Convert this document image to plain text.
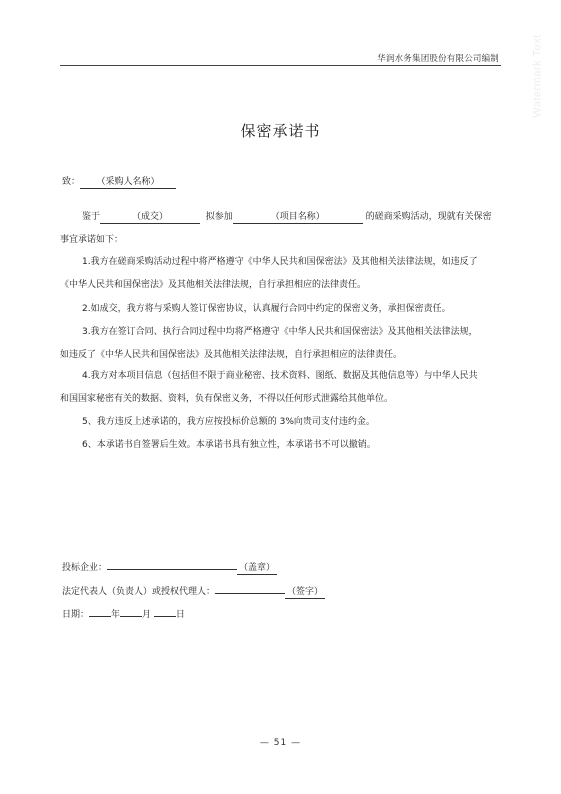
华润水务集团股份有限公司编制	Watermark Text
保密承诺书
致： （采购人名称）
鉴于	（成交）	拟参加	（项目名称）	的磋商采购活动，现就有关保密
事宜承诺如下：
1.我方在磋商采购活动过程中将严格遵守《中华人民共和国保密法》及其他相关法律法规，如违反了
《中华人民共和国保密法》及其他相关法律法规，自行承担相应的法律责任。
2.如成交，我方将与采购人签订保密协议，认真履行合同中约定的保密义务，承担保密责任。
3.我方在签订合同、执行合同过程中均将严格遵守《中华人民共和国保密法》及其他相关法律法规，
如违反了《中华人民共和国保密法》及其他相关法律法规，自行承担相应的法律责任。
4.我方对本项目信息（包括但不限于商业秘密、技术资料、图纸、数据及其他信息等）与中华人民共
和国国家秘密有关的数据、资料，负有保密义务，不得以任何形式泄露给其他单位。
5、我方违反上述承诺的，我方应按投标价总额的 3%向贵司支付违约金。
6、本承诺书自签署后生效。本承诺书具有独立性，本承诺书不可以撤销。
投标企业：	（盖章）
法定代表人（负责人）或授权代理人：	（签字）
日期： 年 月	日
— 51 —
